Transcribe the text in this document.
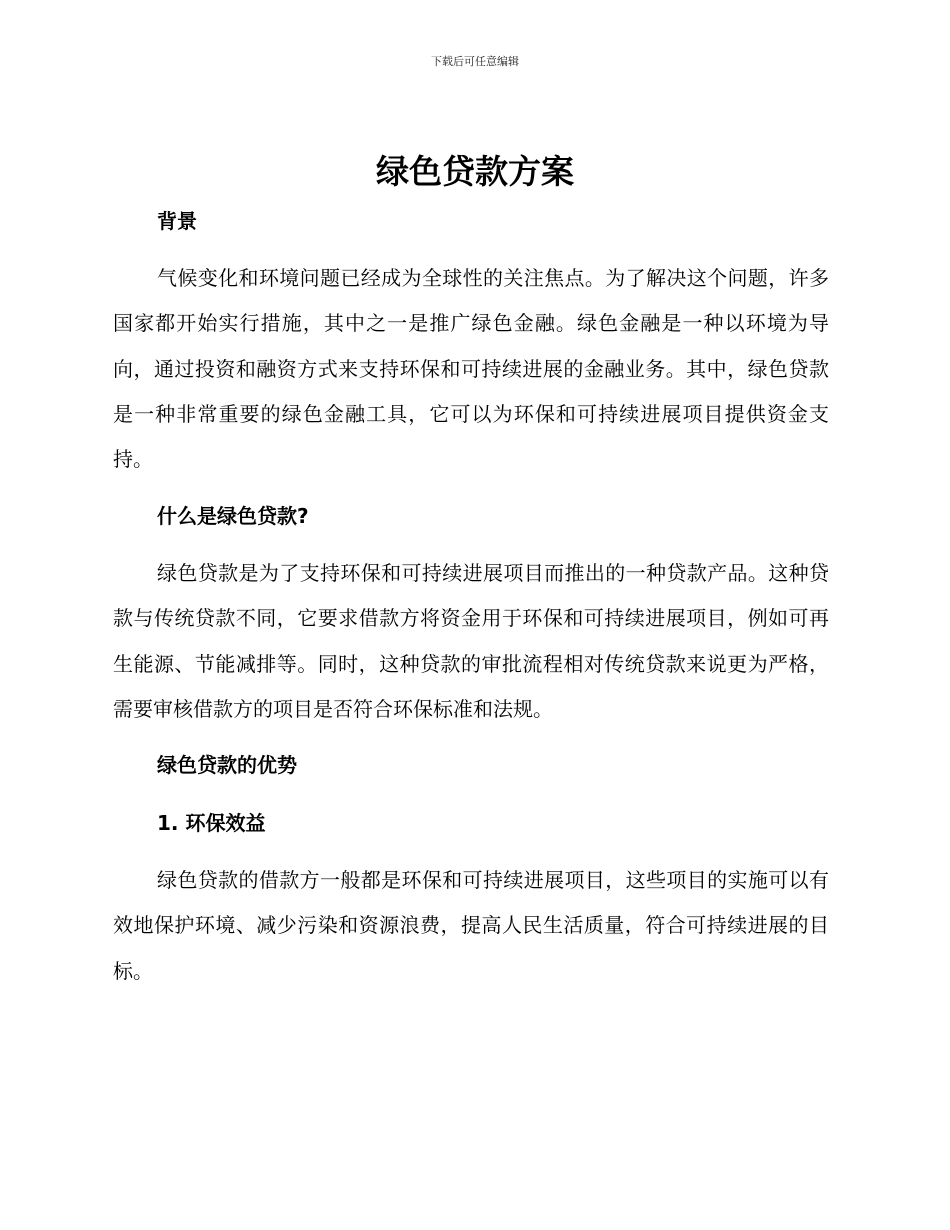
下载后可任意编辑
绿色贷款方案
背景

气候变化和环境问题已经成为全球性的关注焦点。为了解决这个问题，许多国家都开始实行措施，其中之一是推广绿色金融。绿色金融是一种以环境为导向，通过投资和融资方式来支持环保和可持续进展的金融业务。其中，绿色贷款是一种非常重要的绿色金融工具，它可以为环保和可持续进展项目提供资金支持。

什么是绿色贷款?

绿色贷款是为了支持环保和可持续进展项目而推出的一种贷款产品。这种贷款与传统贷款不同，它要求借款方将资金用于环保和可持续进展项目，例如可再生能源、节能减排等。同时，这种贷款的审批流程相对传统贷款来说更为严格，需要审核借款方的项目是否符合环保标准和法规。

绿色贷款的优势
1. 环保效益

绿色贷款的借款方一般都是环保和可持续进展项目，这些项目的实施可以有效地保护环境、减少污染和资源浪费，提高人民生活质量，符合可持续进展的目标。
